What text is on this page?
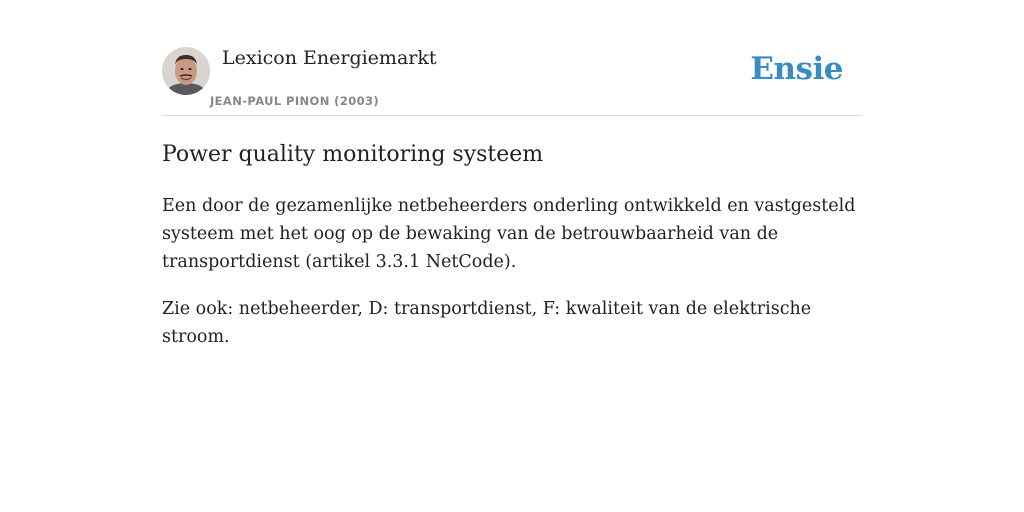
Lexicon Energiemarkt
JEAN-PAUL PINON (2003)
Ensie
Power quality monitoring systeem

Een door de gezamenlijke netbeheerders onderling ontwikkeld en vastgesteld systeem met het oog op de bewaking van de betrouwbaarheid van de transportdienst (artikel 3.3.1 NetCode).

Zie ook: netbeheerder, D: transportdienst, F: kwaliteit van de elektrische stroom.
